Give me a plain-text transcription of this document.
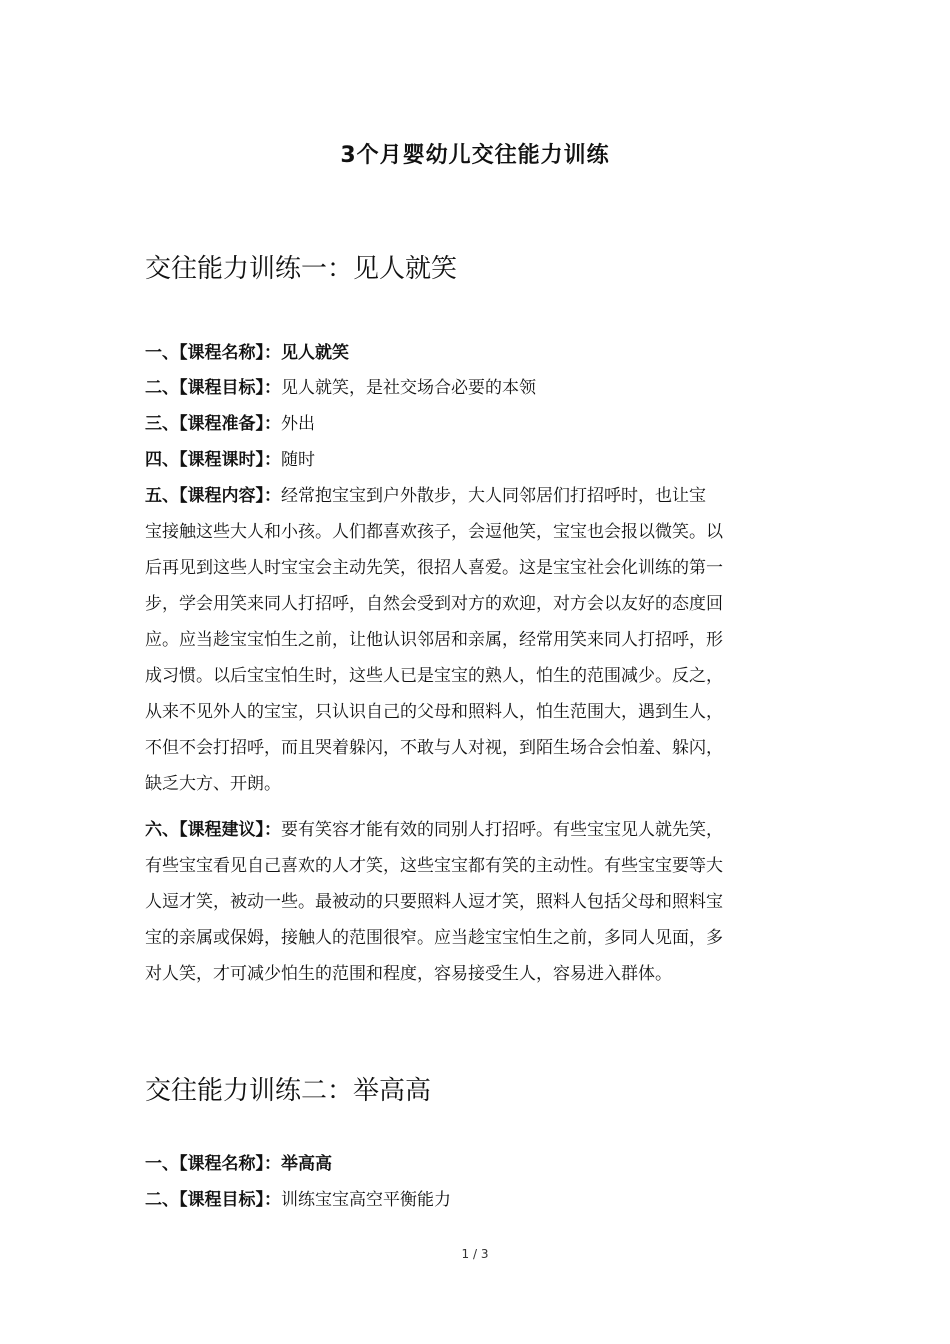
3个月婴幼儿交往能力训练
交往能力训练一：见人就笑
一、【课程名称】：见人就笑
二、【课程目标】：见人就笑，是社交场合必要的本领
三、【课程准备】：外出
四、【课程课时】：随时
五、【课程内容】：经常抱宝宝到户外散步，大人同邻居们打招呼时，也让宝
宝接触这些大人和小孩。人们都喜欢孩子，会逗他笑，宝宝也会报以微笑。以
后再见到这些人时宝宝会主动先笑，很招人喜爱。这是宝宝社会化训练的第一
步，学会用笑来同人打招呼，自然会受到对方的欢迎，对方会以友好的态度回
应。应当趁宝宝怕生之前，让他认识邻居和亲属，经常用笑来同人打招呼，形
成习惯。以后宝宝怕生时，这些人已是宝宝的熟人，怕生的范围减少。反之，
从来不见外人的宝宝，只认识自己的父母和照料人，怕生范围大，遇到生人，
不但不会打招呼，而且哭着躲闪，不敢与人对视，到陌生场合会怕羞、躲闪，
缺乏大方、开朗。
六、【课程建议】：要有笑容才能有效的同别人打招呼。有些宝宝见人就先笑，
有些宝宝看见自己喜欢的人才笑，这些宝宝都有笑的主动性。有些宝宝要等大
人逗才笑，被动一些。最被动的只要照料人逗才笑，照料人包括父母和照料宝
宝的亲属或保姆，接触人的范围很窄。应当趁宝宝怕生之前，多同人见面，多
对人笑，才可减少怕生的范围和程度，容易接受生人，容易进入群体。
交往能力训练二：举高高
一、【课程名称】：举高高
二、【课程目标】：训练宝宝高空平衡能力
1 / 3
